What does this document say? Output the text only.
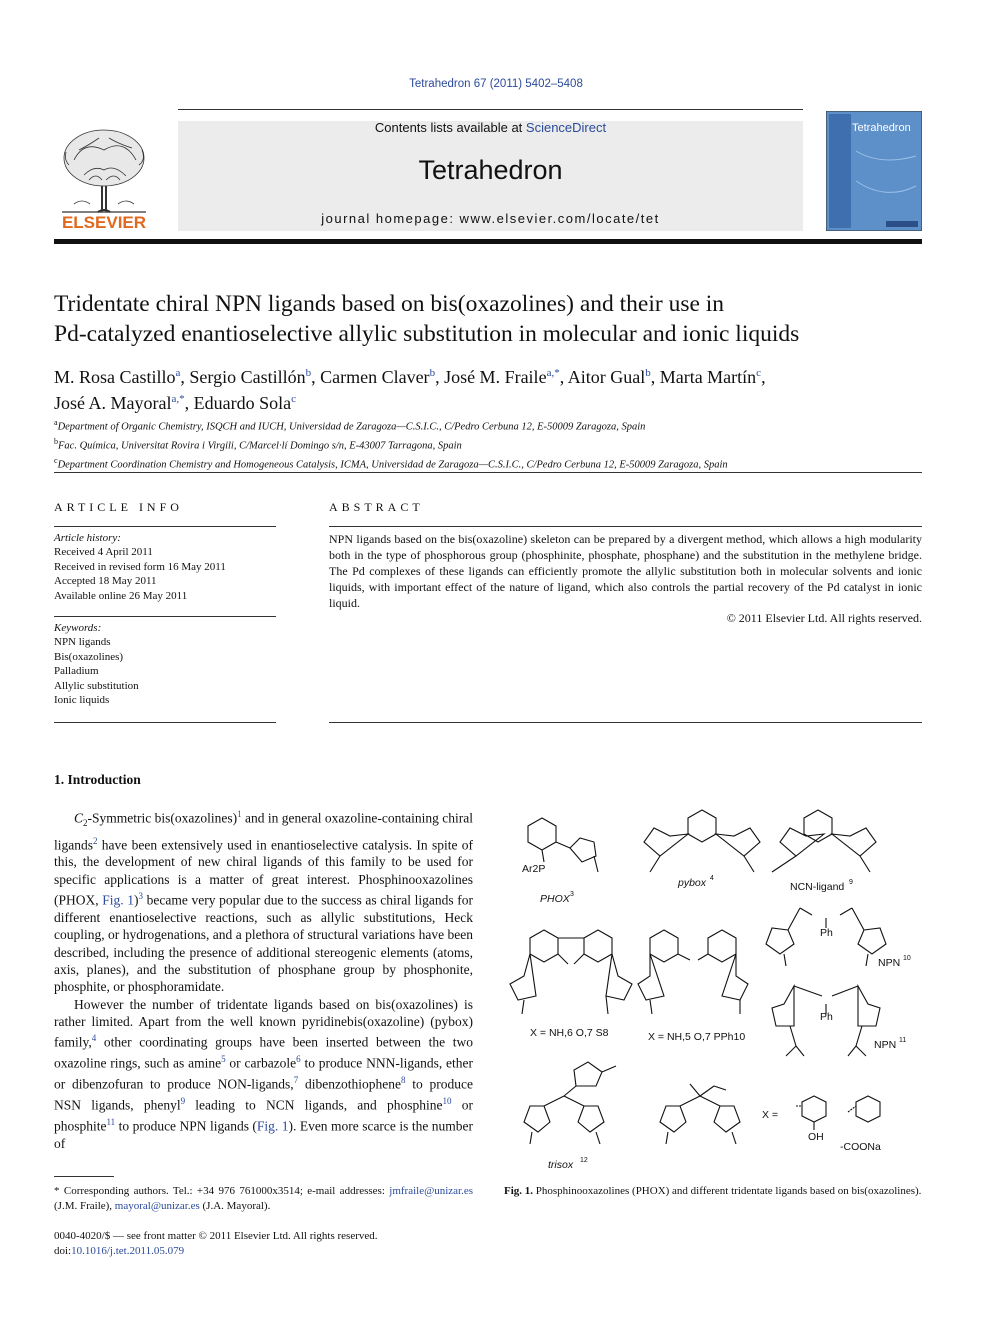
Tetrahedron 67 (2011) 5402–5408
Contents lists available at ScienceDirect
Tetrahedron
journal homepage: www.elsevier.com/locate/tet
ELSEVIER
Tetrahedron
Tridentate chiral NPN ligands based on bis(oxazolines) and their use in
Pd-catalyzed enantioselective allylic substitution in molecular and ionic liquids
M. Rosa Castillo$^a$, Sergio Castillón$^b$, Carmen Claver$^b$, José M. Fraile$^{a,*}$, Aitor Gual$^b$, Marta Martín$^c$,
José A. Mayoral$^{a,*}$, Eduardo Sola$^c$
$^a$Department of Organic Chemistry, ISQCH and IUCH, Universidad de Zaragoza—C.S.I.C., C/Pedro Cerbuna 12, E-50009 Zaragoza, Spain
$^b$Fac. Química, Universitat Rovira i Virgili, C/Marcel·lí Domingo s/n, E-43007 Tarragona, Spain
$^c$Department Coordination Chemistry and Homogeneous Catalysis, ICMA, Universidad de Zaragoza—C.S.I.C., C/Pedro Cerbuna 12, E-50009 Zaragoza, Spain
ARTICLE INFO	ABSTRACT
Article history:
Received 4 April 2011
Received in revised form 16 May 2011
Accepted 18 May 2011
Available online 26 May 2011
Keywords:
NPN ligands
Bis(oxazolines)
Palladium
Allylic substitution
Ionic liquids
NPN ligands based on the bis(oxazoline) skeleton can be prepared by a divergent method, which allows a high modularity both in the type of phosphorous group (phosphinite, phosphate, phosphane) and the substitution in the methylene bridge. The Pd complexes of these ligands can efficiently promote the allylic substitution both in molecular solvents and ionic liquids, with important effect of the nature of ligand, which also controls the partial recovery of the Pd catalyst in ionic liquid.
© 2011 Elsevier Ltd. All rights reserved.
1. Introduction

$C_2$-Symmetric bis(oxazolines)$^1$ and in general oxazoline-containing chiral ligands$^2$ have been extensively used in enantioselective catalysis. In spite of this, the development of new chiral ligands of this family to be used for specific applications is a matter of great interest. Phosphinooxazolines (PHOX, Fig. 1)$^3$ became very popular due to the success as chiral ligands for different enantioselective reactions, such as allylic substitutions, Heck coupling, or hydrogenations, and a plethora of structural variations have been described, including the presence of additional stereogenic elements (atoms, axis, planes), and the substitution of phosphane group by phosphonite, phosphite, or phosphoramidate.

However the number of tridentate ligands based on bis(oxazolines) is rather limited. Apart from the well known pyridinebis(oxazoline) (pybox) family,$^4$ other coordinating groups have been inserted between the two oxazoline rings, such as amine$^5$ or carbazole$^6$ to produce NNN-ligands, ether or dibenzofuran to produce NON-ligands,$^7$ dibenzothiophene$^8$ to produce NSN ligands, phenyl$^9$ leading to NCN ligands, and phosphine$^{10}$ or phosphite$^{11}$ to produce NPN ligands (Fig. 1). Even more scarce is the number of

* Corresponding authors. Tel.: +34 976 761000x3514; e-mail addresses: jmfraile@unizar.es (J.M. Fraile), mayoral@unizar.es (J.A. Mayoral).
0040-4020/$ — see front matter © 2011 Elsevier Ltd. All rights reserved.
doi:10.1016/j.tet.2011.05.079
Ar2P
PHOX 3
pybox 4
NCN-ligand 9
Ph
NPN 10
Ph
NPN 11
X = NH,6 O,7 S8	X = NH,5 O,7 PPh10
trisox 12
X =
OH
-COONa
Fig. 1. Phosphinooxazolines (PHOX) and different tridentate ligands based on bis(oxazolines).
